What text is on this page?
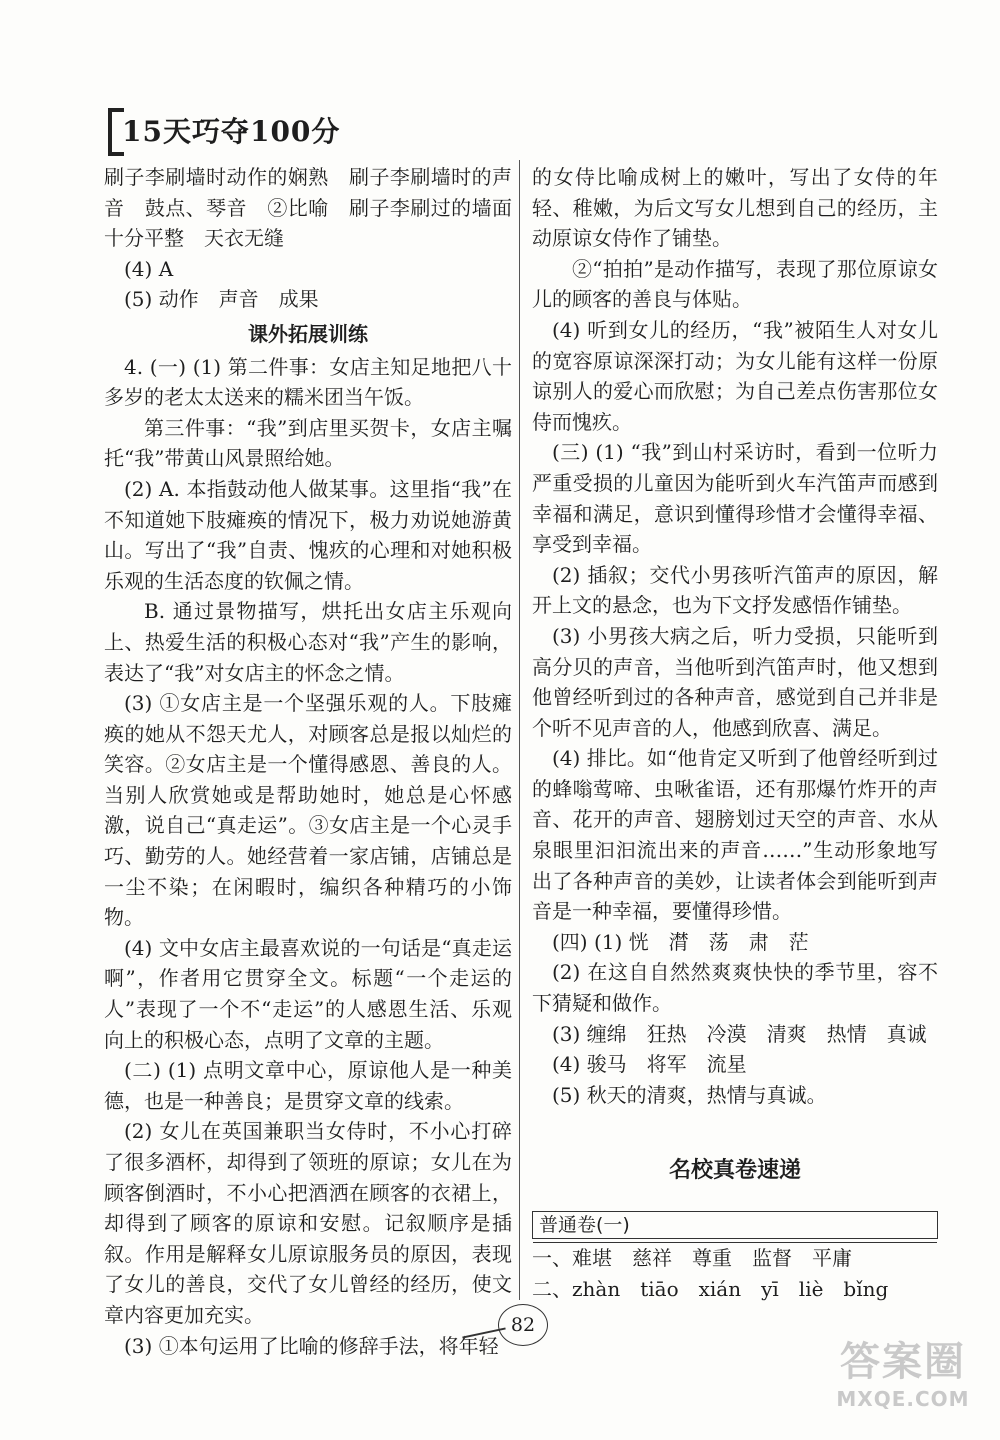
15天巧夺100分
刷子李刷墙时动作的娴熟　刷子李刷墙时的声音　鼓点、琴音　②比喻　刷子李刷过的墙面十分平整　天衣无缝
(4) A
(5) 动作　声音　成果
课外拓展训练
4. (一) (1) 第二件事：女店主知足地把八十多岁的老太太送来的糯米团当午饭。
第三件事：“我”到店里买贺卡，女店主嘱托“我”带黄山风景照给她。
(2) A. 本指鼓动他人做某事。这里指“我”在不知道她下肢瘫痪的情况下，极力劝说她游黄山。写出了“我”自责、愧疚的心理和对她积极乐观的生活态度的钦佩之情。
B. 通过景物描写，烘托出女店主乐观向上、热爱生活的积极心态对“我”产生的影响，表达了“我”对女店主的怀念之情。
(3) ①女店主是一个坚强乐观的人。下肢瘫痪的她从不怨天尤人，对顾客总是报以灿烂的笑容。②女店主是一个懂得感恩、善良的人。当别人欣赏她或是帮助她时，她总是心怀感激，说自己“真走运”。③女店主是一个心灵手巧、勤劳的人。她经营着一家店铺，店铺总是一尘不染；在闲暇时，编织各种精巧的小饰物。
(4) 文中女店主最喜欢说的一句话是“真走运啊”，作者用它贯穿全文。标题“一个走运的人”表现了一个不“走运”的人感恩生活、乐观向上的积极心态，点明了文章的主题。
(二) (1) 点明文章中心，原谅他人是一种美德，也是一种善良；是贯穿文章的线索。
(2) 女儿在英国兼职当女侍时，不小心打碎了很多酒杯，却得到了领班的原谅；女儿在为顾客倒酒时，不小心把酒洒在顾客的衣裙上，却得到了顾客的原谅和安慰。记叙顺序是插叙。作用是解释女儿原谅服务员的原因，表现了女儿的善良，交代了女儿曾经的经历，使文章内容更加充实。
(3) ①本句运用了比喻的修辞手法，将年轻
的女侍比喻成树上的嫩叶，写出了女侍的年轻、稚嫩，为后文写女儿想到自己的经历，主动原谅女侍作了铺垫。
②“拍拍”是动作描写，表现了那位原谅女儿的顾客的善良与体贴。
(4) 听到女儿的经历，“我”被陌生人对女儿的宽容原谅深深打动；为女儿能有这样一份原谅别人的爱心而欣慰；为自己差点伤害那位女侍而愧疚。
(三) (1) “我”到山村采访时，看到一位听力严重受损的儿童因为能听到火车汽笛声而感到幸福和满足，意识到懂得珍惜才会懂得幸福、享受到幸福。
(2) 插叙；交代小男孩听汽笛声的原因，解开上文的悬念，也为下文抒发感悟作铺垫。
(3) 小男孩大病之后，听力受损，只能听到高分贝的声音，当他听到汽笛声时，他又想到他曾经听到过的各种声音，感觉到自己并非是个听不见声音的人，他感到欣喜、满足。
(4) 排比。如“他肯定又听到了他曾经听到过的蜂嗡莺啼、虫啾雀语，还有那爆竹炸开的声音、花开的声音、翅膀划过天空的声音、水从泉眼里汩汩流出来的声音……”生动形象地写出了各种声音的美妙，让读者体会到能听到声音是一种幸福，要懂得珍惜。
(四) (1) 恍　潸　荡　肃　茫
(2) 在这自自然然爽爽快快的季节里，容不下猜疑和做作。
(3) 缠绵　狂热　冷漠　清爽　热情　真诚
(4) 骏马　将军　流星
(5) 秋天的清爽，热情与真诚。
名校真卷速递
普通卷(一)
一、难堪　慈祥　尊重　监督　平庸
二、zhàn　tiāo　xián　yī　liè　bǐng
82
答案圈
MXQE.COM
